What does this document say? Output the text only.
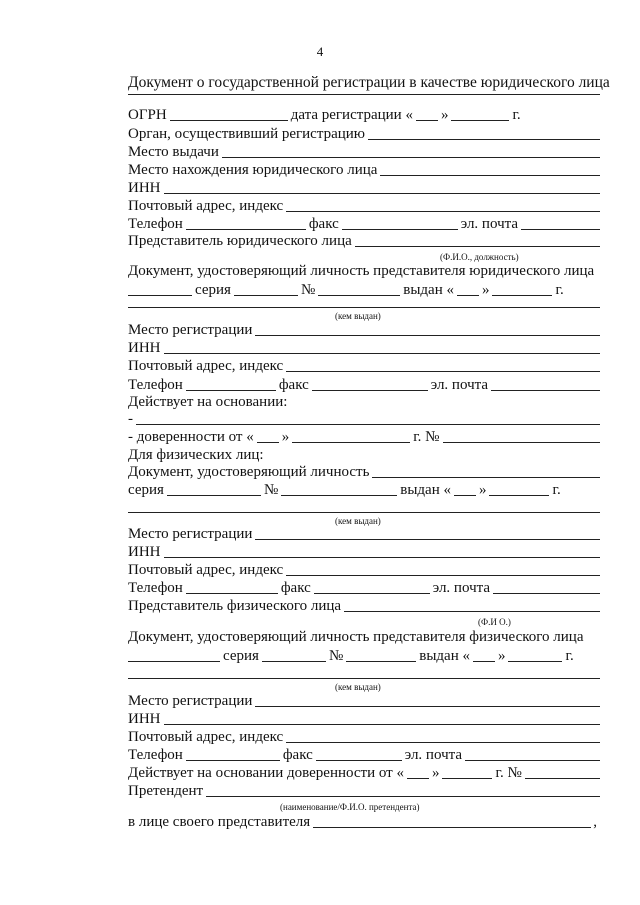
4
Документ о государственной регистрации в качестве юридического лица
ОГРН	дата регистрации « »	г.
Орган, осуществивший регистрацию
Место выдачи
Место нахождения юридического лица
ИНН
Почтовый адрес, индекс
Телефон	факс	эл. почта
Представитель юридического лица
(Ф.И.О., должность)
Документ, удостоверяющий личность представителя юридического лица
серия	№	выдан « »	г.
(кем выдан)
Место регистрации
ИНН
Почтовый адрес, индекс
Телефон	факс	эл. почта
Действует на основании:
-
- доверенности от « »	г. №
Для физических лиц:
Документ, удостоверяющий личность
серия	№	выдан « »	г.
(кем выдан)
Место регистрации
ИНН
Почтовый адрес, индекс
Телефон	факс	эл. почта
Представитель физического лица
(Ф.И О.)
Документ, удостоверяющий личность представителя физического лица
серия	№	выдан « »	г.
(кем выдан)
Место регистрации
ИНН
Почтовый адрес, индекс
Телефон	факс	эл. почта
Действует на основании доверенности от « »	г. №
Претендент
(наименование/Ф.И.О. претендента)
в лице своего представителя	,
